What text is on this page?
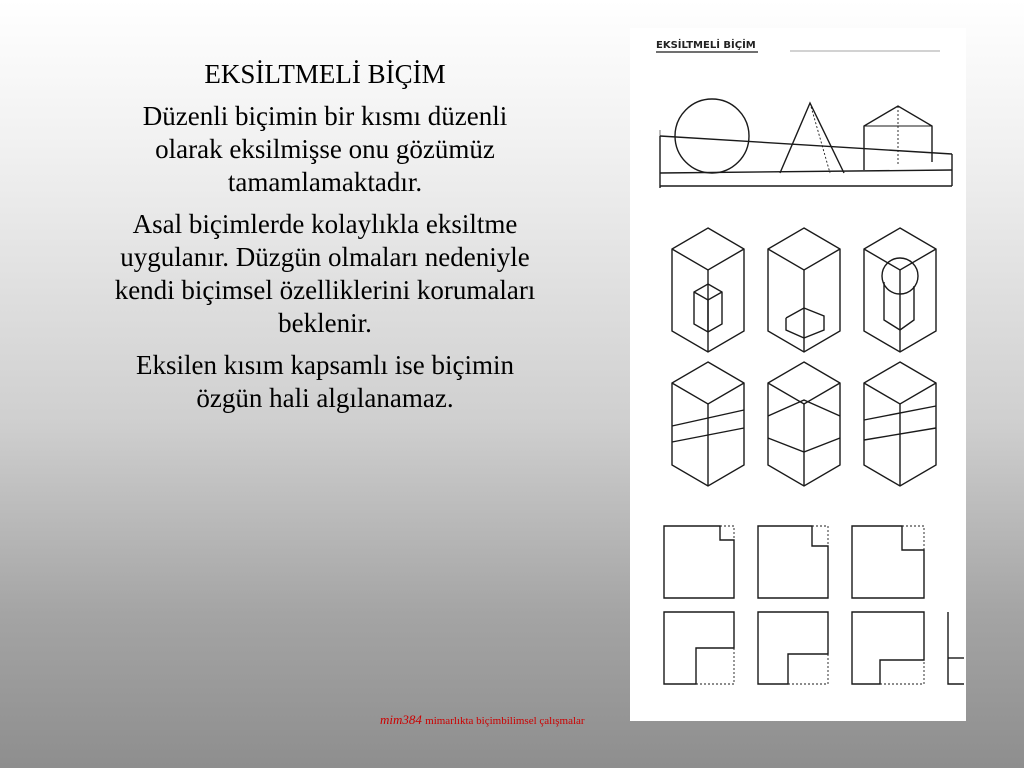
EKSİLTMELİ BİÇİM

Düzenli biçimin bir kısmı düzenli olarak eksilmişse onu gözümüz tamamlamaktadır.

Asal biçimlerde kolaylıkla eksiltme uygulanır. Düzgün olmaları nedeniyle kendi biçimsel özelliklerini korumaları beklenir.

Eksilen kısım kapsamlı ise biçimin özgün hali algılanamaz.

EKSİLTMELİ BİÇİM
mim384 mimarlıkta biçimbilimsel çalışmalar
